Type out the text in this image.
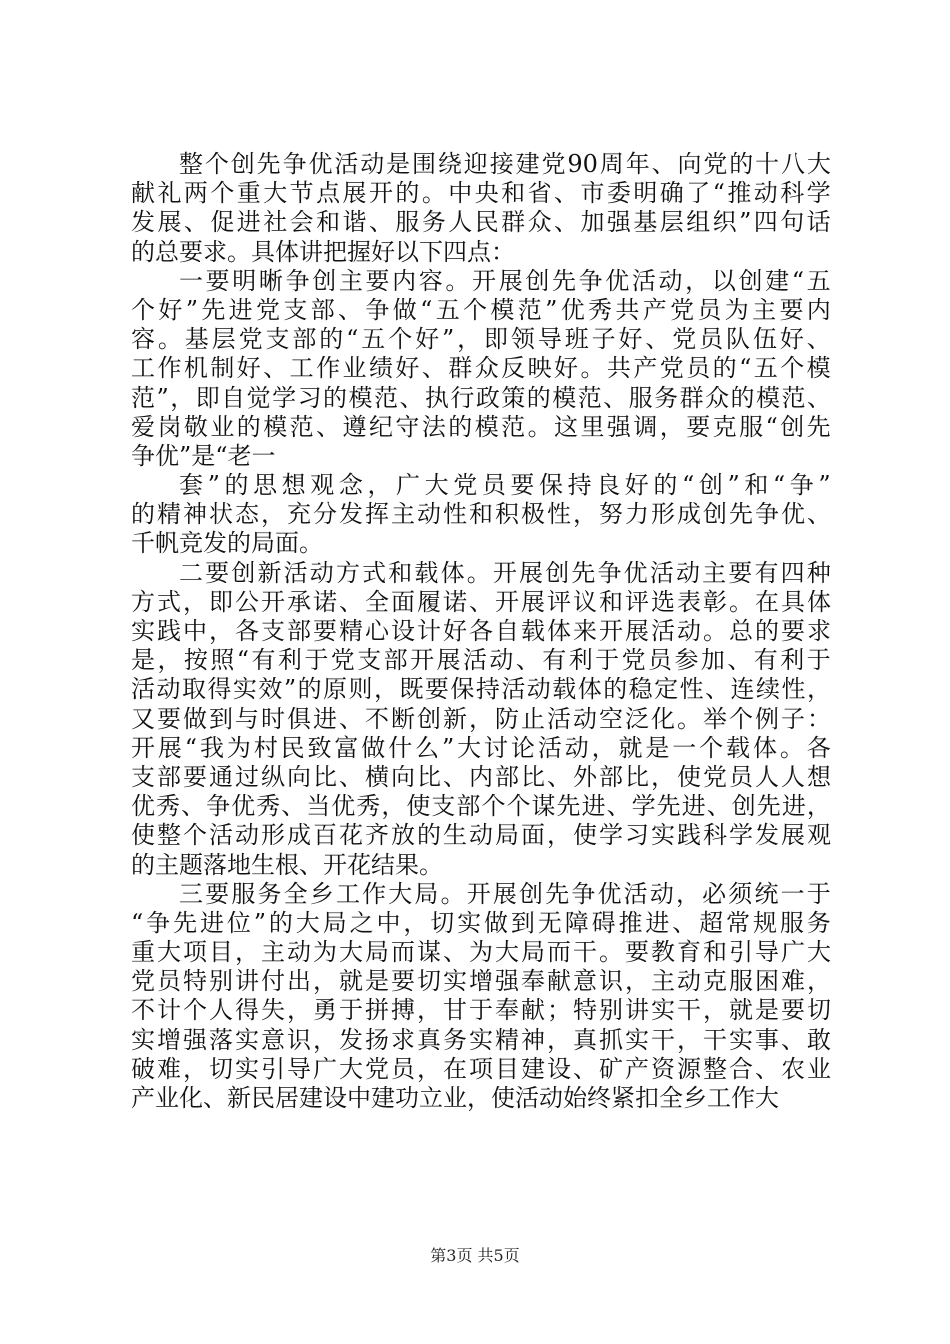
整 个 创 先 争 优 活 动 是 围 绕 迎 接 建 党 90 周 年 、 向 党 的 十 八 大
献 礼 两 个 重 大 节 点 展 开 的 。 中 央 和 省 、 市 委 明 确 了 “ 推 动 科 学
发 展 、 促 进 社 会 和 谐 、 服 务 人 民 群 众 、 加 强 基 层 组 织 ” 四 句 话
的总要求。具体讲把握好以下四点：
一 要 明 晰 争 创 主 要 内 容 。 开 展 创 先 争 优 活 动 ， 以 创 建 “ 五
个 好 ” 先 进 党 支 部 、 争 做 “ 五 个 模 范 ” 优 秀 共 产 党 员 为 主 要 内
容 。 基 层 党 支 部 的 “ 五 个 好 ” ， 即 领 导 班 子 好 、 党 员 队 伍 好 、
工 作 机 制 好 、 工 作 业 绩 好 、 群 众 反 映 好 。 共 产 党 员 的 “ 五 个 模
范 ” ， 即 自 觉 学 习 的 模 范 、 执 行 政 策 的 模 范 、 服 务 群 众 的 模 范 、
爱 岗 敬 业 的 模 范 、 遵 纪 守 法 的 模 范 。 这 里 强 调 ， 要 克 服 “ 创 先
争优”是“老一
套 ” 的 思 想 观 念 ， 广 大 党 员 要 保 持 良 好 的 “ 创 ” 和 “ 争 ”
的 精 神 状 态 ， 充 分 发 挥 主 动 性 和 积 极 性 ， 努 力 形 成 创 先 争 优 、
千帆竞发的局面。
二 要 创 新 活 动 方 式 和 载 体 。 开 展 创 先 争 优 活 动 主 要 有 四 种
方 式 ， 即 公 开 承 诺 、 全 面 履 诺 、 开 展 评 议 和 评 选 表 彰 。 在 具 体
实 践 中 ， 各 支 部 要 精 心 设 计 好 各 自 载 体 来 开 展 活 动 。 总 的 要 求
是 ， 按 照 “ 有 利 于 党 支 部 开 展 活 动 、 有 利 于 党 员 参 加 、 有 利 于
活 动 取 得 实 效 ” 的 原 则 ， 既 要 保 持 活 动 载 体 的 稳 定 性 、 连 续 性 ，
又 要 做 到 与 时 俱 进 、 不 断 创 新 ， 防 止 活 动 空 泛 化 。 举 个 例 子 ：
开 展 “ 我 为 村 民 致 富 做 什 么 ” 大 讨 论 活 动 ， 就 是 一 个 载 体 。 各
支 部 要 通 过 纵 向 比 、 横 向 比 、 内 部 比 、 外 部 比 ， 使 党 员 人 人 想
优 秀 、 争 优 秀 、 当 优 秀 ， 使 支 部 个 个 谋 先 进 、 学 先 进 、 创 先 进 ，
使 整 个 活 动 形 成 百 花 齐 放 的 生 动 局 面 ， 使 学 习 实 践 科 学 发 展 观
的主题落地生根、开花结果。
三 要 服 务 全 乡 工 作 大 局 。 开 展 创 先 争 优 活 动 ， 必 须 统 一 于
“ 争 先 进 位 ” 的 大 局 之 中 ， 切 实 做 到 无 障 碍 推 进 、 超 常 规 服 务
重 大 项 目 ， 主 动 为 大 局 而 谋 、 为 大 局 而 干 。 要 教 育 和 引 导 广 大
党 员 特 别 讲 付 出 ， 就 是 要 切 实 增 强 奉 献 意 识 ， 主 动 克 服 困 难 ，
不 计 个 人 得 失 ， 勇 于 拼 搏 ， 甘 于 奉 献 ； 特 别 讲 实 干 ， 就 是 要 切
实 增 强 落 实 意 识 ， 发 扬 求 真 务 实 精 神 ， 真 抓 实 干 ， 干 实 事 、 敢
破 难 ， 切 实 引 导 广 大 党 员 ， 在 项 目 建 设 、 矿 产 资 源 整 合 、 农 业
产业化、新民居建设中建功立业，使活动始终紧扣全乡工作大
第3页 共5页
